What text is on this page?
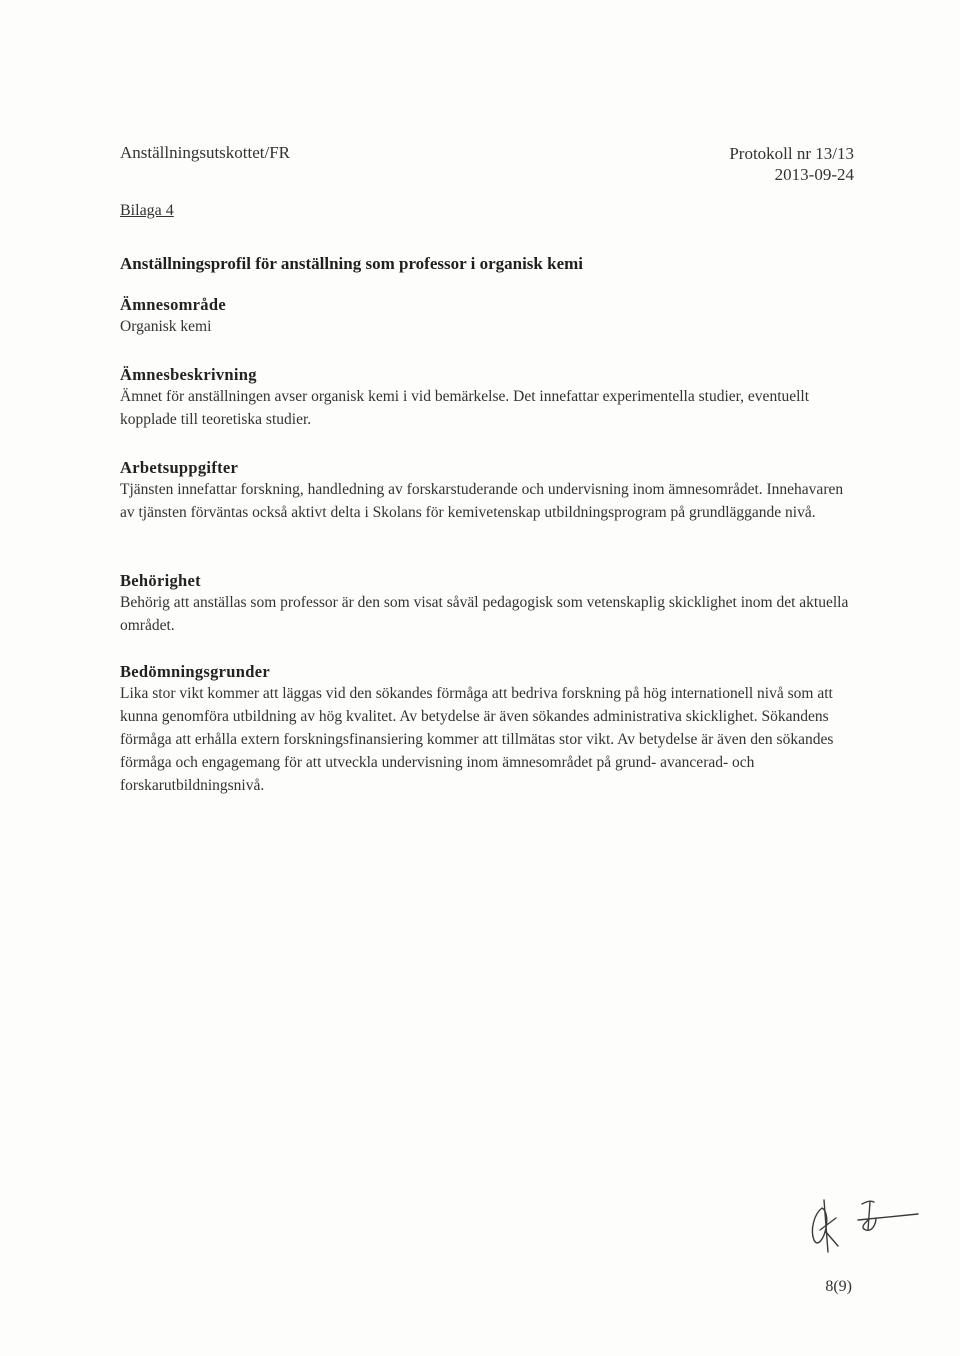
Anställningsutskottet/FR	Protokoll nr 13/13
2013-09-24
Bilaga 4
Anställningsprofil för anställning som professor i organisk kemi
Ämnesområde

Organisk kemi

Ämnesbeskrivning

Ämnet för anställningen avser organisk kemi i vid bemärkelse. Det innefattar experimentella studier, eventuellt kopplade till teoretiska studier.

Arbetsuppgifter

Tjänsten innefattar forskning, handledning av forskarstuderande och undervisning inom ämnesområdet. Innehavaren av tjänsten förväntas också aktivt delta i Skolans för kemivetenskap utbildningsprogram på grundläggande nivå.

Behörighet

Behörig att anställas som professor är den som visat såväl pedagogisk som vetenskaplig skicklighet inom det aktuella området.

Bedömningsgrunder

Lika stor vikt kommer att läggas vid den sökandes förmåga att bedriva forskning på hög internationell nivå som att kunna genomföra utbildning av hög kvalitet. Av betydelse är även sökandes administrativa skicklighet. Sökandens förmåga att erhålla extern forskningsfinansiering kommer att tillmätas stor vikt. Av betydelse är även den sökandes förmåga och engagemang för att utveckla undervisning inom ämnesområdet på grund- avancerad- och forskarutbildningsnivå.

8(9)
